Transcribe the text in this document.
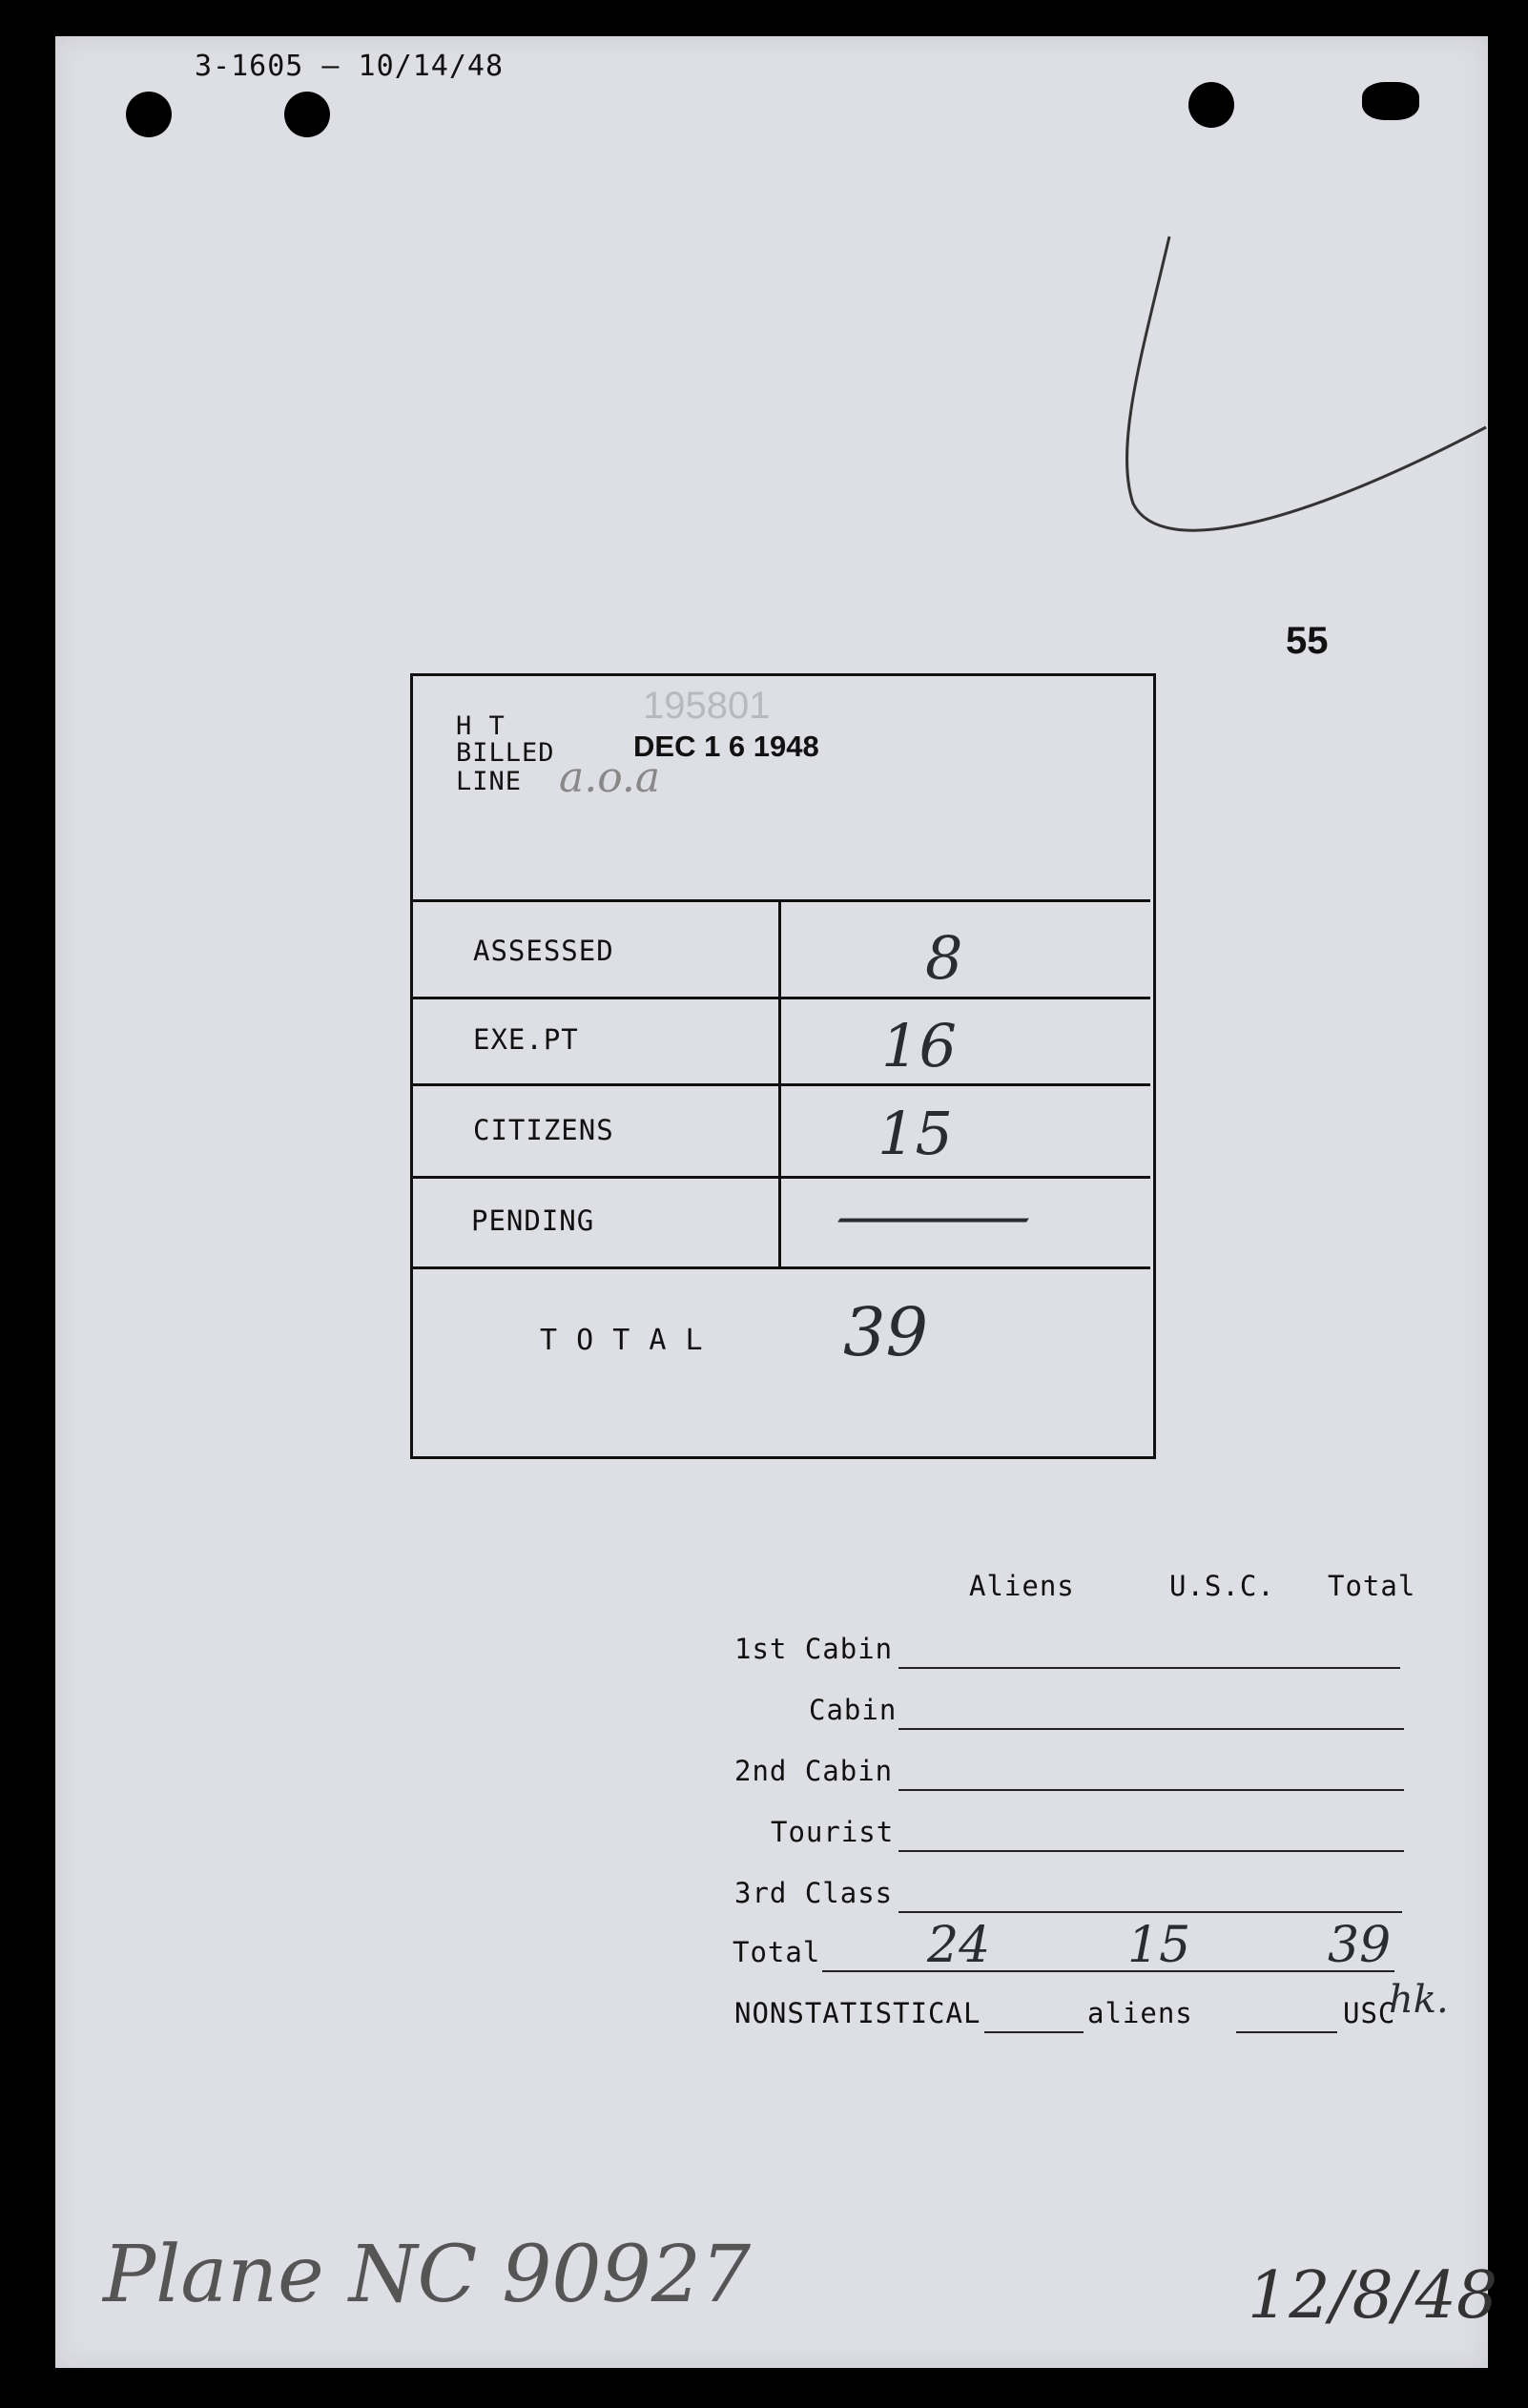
3-1605 — 10/14/48
55
195801
H T
BILLED	DEC 1 6 1948
LINE a.o.a
ASSESSED	8
EXE.PT	16
CITIZENS	15
PENDING	—
T O T A L 39
Aliens	U.S.C. Total
1st Cabin
Cabin
2nd Cabin
Tourist
3rd Class
Total 24	15	39
NONSTATISTICAL	aliens	USC
hk.
Plane NC 90927	12/8/48
